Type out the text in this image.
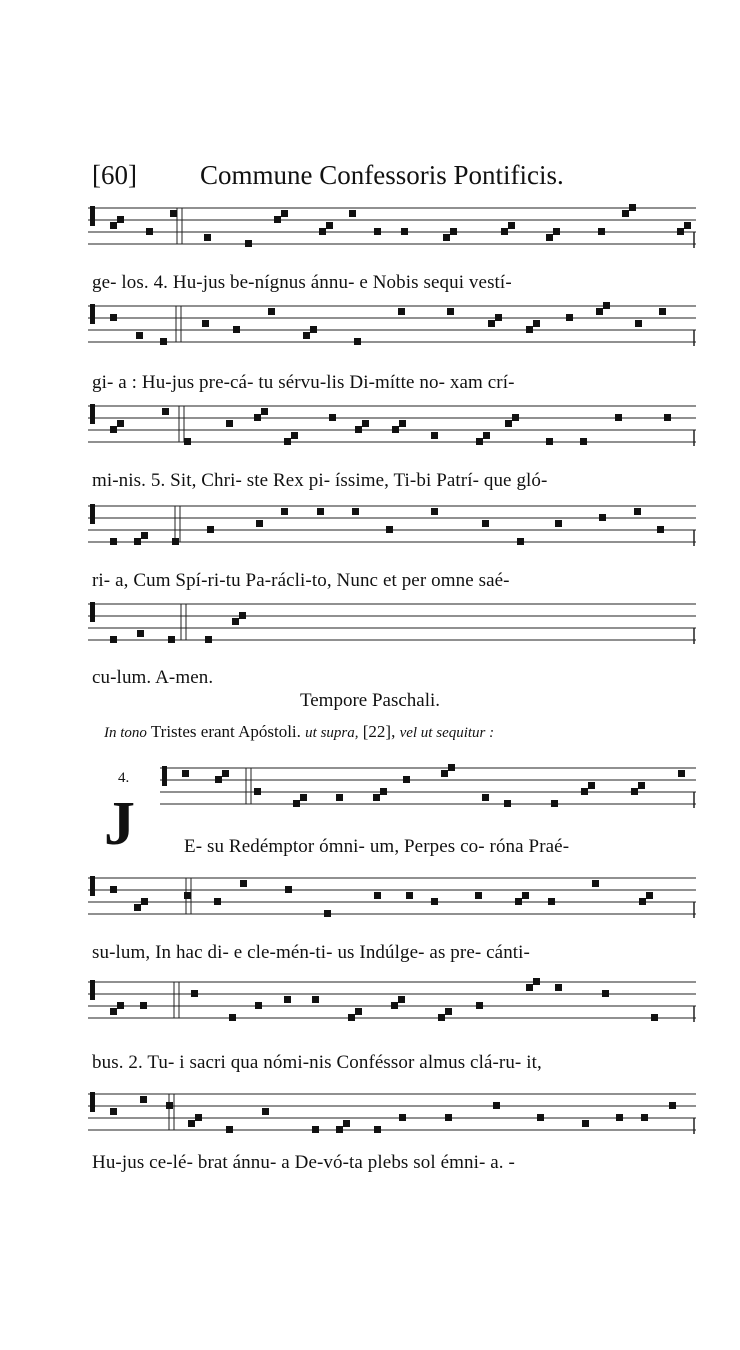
[60] Commune Confessoris Pontificis.
ge- los. 4. Hu-jus be-nígnus ánnu- e Nobis sequi vestí-
gi- a : Hu-jus pre-cá- tu sérvu-lis Di-mítte no- xam crí-
mi-nis. 5. Sit, Chri- ste Rex pi- íssime, Ti-bi Patrí- que gló-
ri- a, Cum Spí-ri-tu Pa-rácli-to, Nunc et per omne saé-
cu-lum. A-men.
Tempore Paschali.
In tono Tristes erant Apóstoli. ut supra, [22], vel ut sequitur :
4.
J	E- su Redémptor ómni- um, Perpes co- róna Praé-
su-lum, In hac di- e cle-mén-ti- us Indúlge- as pre- cánti-
bus. 2. Tu- i sacri qua nómi-nis Conféssor almus clá-ru- it,
Hu-jus ce-lé- brat ánnu- a De-vó-ta plebs sol émni- a. -
